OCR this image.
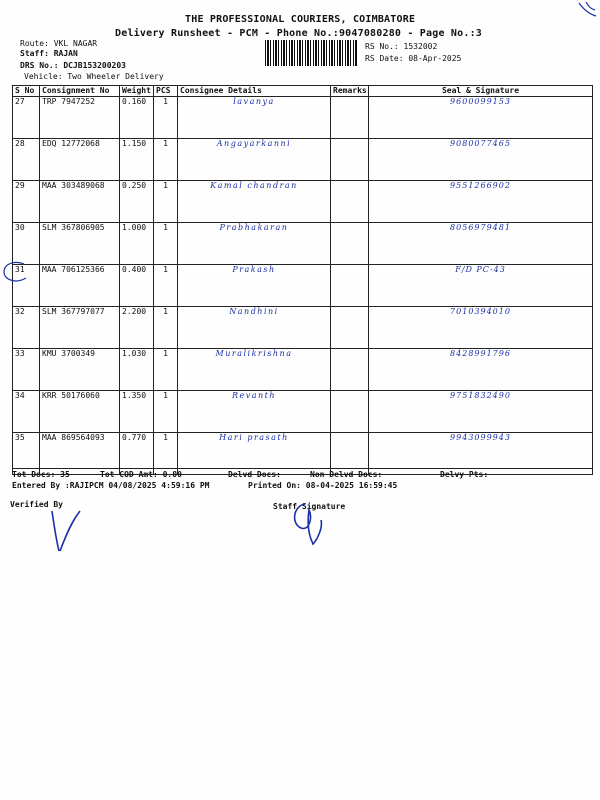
THE PROFESSIONAL COURIERS, COIMBATORE
Delivery Runsheet - PCM - Phone No.:9047080280 - Page No.:3
Route: VKL NAGAR
Staff: RAJAN
DRS No.: DCJB153200203
Vehicle: Two Wheeler Delivery
RS No.: 1532002
RS Date: 08-Apr-2025
S No	Consignment No	Weight	PCS	Consignee Details	Remarks	Seal & Signature
27	TRP 7947252	0.160	1	lavanya		9600099153
28	EDQ 12772068	1.150	1	Angayarkanni		9080077465
29	MAA 303489068	0.250	1	Kamal chandran		9551266902
30	SLM 367806905	1.000	1	Prabhakaran		8056979481
31	MAA 706125366	0.400	1	Prakash		F/D PC-43
32	SLM 367797077	2.200	1	Nandhini		7010394010
33	KMU 3700349	1.030	1	Muralikrishna		8428991796
34	KRR 50176060	1.350	1	Revanth		9751832490
35	MAA 869564093	0.770	1	Hari prasath		9943099943
Tot Docs: 35	Tot COD Amt: 0.00	Delvd Docs:	Non Delvd Docs:	Delvy Pts:
Entered By :RAJIPCM 04/08/2025 4:59:16 PM	Printed On: 08-04-2025 16:59:45
Verified By	Staff Signature
